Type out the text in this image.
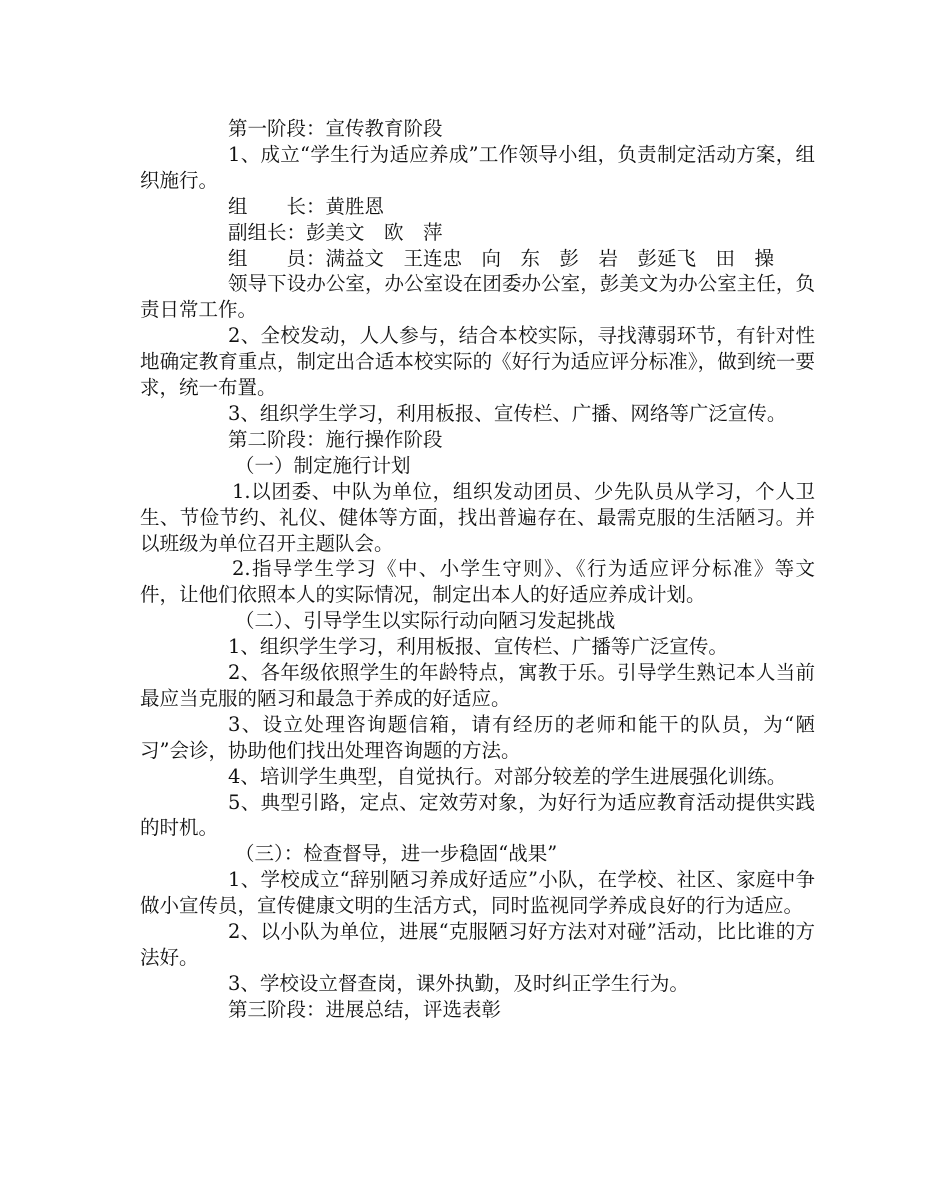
第一阶段：宣传教育阶段

1、成立“学生行为适应养成”工作领导小组，负责制定活动方案，组织施行。

组　　长：黄胜恩

副组长：彭美文　欧　萍

组　　员：满益文　王连忠　向　东　彭　岩　彭延飞　田　操

领导下设办公室，办公室设在团委办公室，彭美文为办公室主任，负责日常工作。

2、全校发动，人人参与，结合本校实际，寻找薄弱环节，有针对性地确定教育重点，制定出合适本校实际的《好行为适应评分标准》，做到统一要求，统一布置。

3、组织学生学习，利用板报、宣传栏、广播、网络等广泛宣传。

第二阶段：施行操作阶段

（一）制定施行计划

1.以团委、中队为单位，组织发动团员、少先队员从学习，个人卫生、节俭节约、礼仪、健体等方面，找出普遍存在、最需克服的生活陋习。并以班级为单位召开主题队会。

2.指导学生学习《中、小学生守则》、《行为适应评分标准》等文件，让他们依照本人的实际情况，制定出本人的好适应养成计划。

（二）、引导学生以实际行动向陋习发起挑战

1、组织学生学习，利用板报、宣传栏、广播等广泛宣传。

2、各年级依照学生的年龄特点，寓教于乐。引导学生熟记本人当前最应当克服的陋习和最急于养成的好适应。

3、设立处理咨询题信箱，请有经历的老师和能干的队员，为“陋习”会诊，协助他们找出处理咨询题的方法。

4、培训学生典型，自觉执行。对部分较差的学生进展强化训练。

5、典型引路，定点、定效劳对象，为好行为适应教育活动提供实践的时机。

（三）：检查督导，进一步稳固“战果”

1、学校成立“辞别陋习养成好适应”小队，在学校、社区、家庭中争做小宣传员，宣传健康文明的生活方式，同时监视同学养成良好的行为适应。

2、以小队为单位，进展“克服陋习好方法对对碰”活动，比比谁的方法好。

3、学校设立督查岗，课外执勤，及时纠正学生行为。

第三阶段：进展总结，评选表彰
